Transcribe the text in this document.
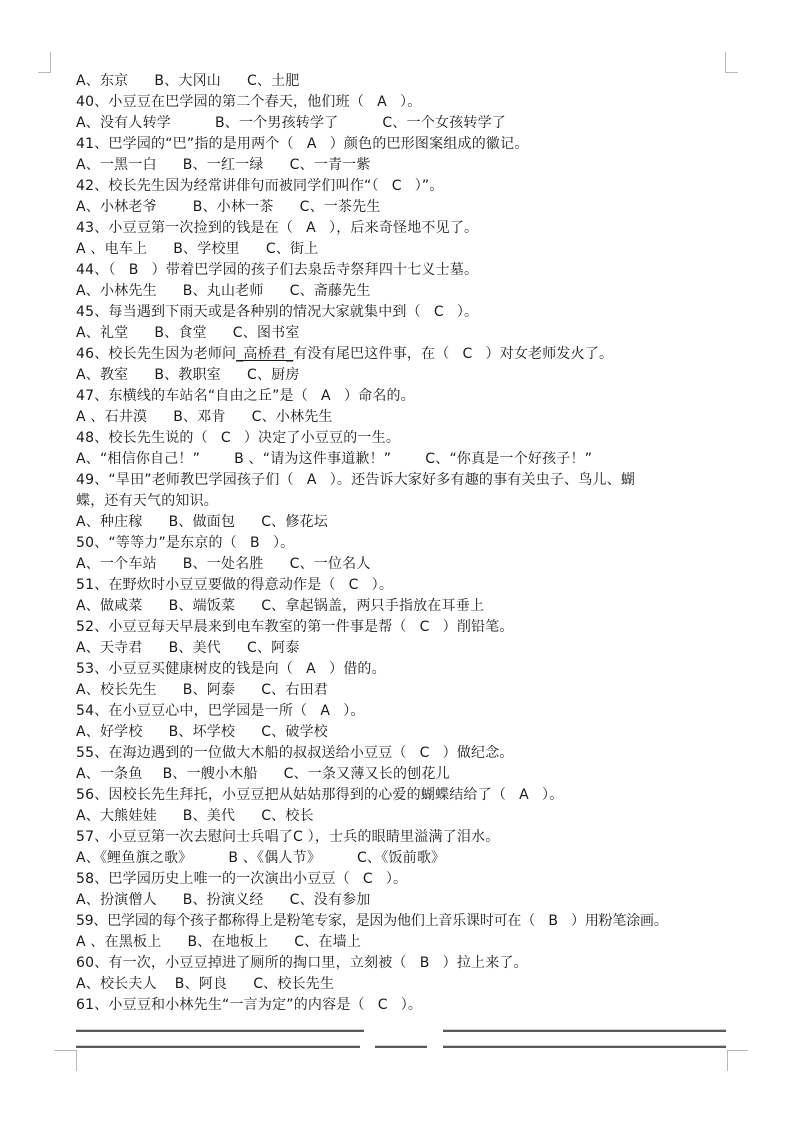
A、东京 B、大冈山 C、土肥
40、小豆豆在巴学园的第二个春天，他们班（ A ）。
A、没有人转学	B、一个男孩转学了	C、一个女孩转学了
41、巴学园的“巴”指的是用两个（ A ）颜色的巴形图案组成的徽记。
A、一黑一白 B、一红一绿 C、一青一紫
42、校长先生因为经常讲俳句而被同学们叫作“（ C ）”。
A、小林老爷	B、小林一茶 C、一茶先生
43、小豆豆第一次捡到的钱是在（ A ），后来奇怪地不见了。
A 、电车上 B、学校里 C、街上
44、（ B ）带着巴学园的孩子们去泉岳寺祭拜四十七义士墓。
A、小林先生 B、丸山老师 C、斋藤先生
45、每当遇到下雨天或是各种别的情况大家就集中到（ C ）。
A、礼堂 B、食堂 C、图书室
46、校长先生因为老师问_高桥君_有没有尾巴这件事，在（ C ）对女老师发火了。
A、教室 B、教职室 C、厨房
47、东横线的车站名“自由之丘”是（ A ）命名的。
A 、石井漠 B、邓肯 C、小林先生
48、校长先生说的（ C ）决定了小豆豆的一生。
A、“相信你自己！” B 、“请为这件事道歉！” C、“你真是一个好孩子！”
49、“旱田”老师教巴学园孩子们（ A ）。还告诉大家好多有趣的事有关虫子、鸟儿、蝴
蝶，还有天气的知识。
A、种庄稼 B、做面包 C、修花坛
50、“等等力”是东京的（ B ）。
A、一个车站 B、一处名胜 C、一位名人
51、在野炊时小豆豆要做的得意动作是（ C ）。
A、做咸菜 B、端饭菜 C、拿起锅盖，两只手指放在耳垂上
52、小豆豆每天早晨来到电车教室的第一件事是帮（ C ）削铅笔。
A、天寺君 B、美代 C、阿泰
53、小豆豆买健康树皮的钱是向（ A ）借的。
A、校长先生 B、阿泰 C、右田君
54、在小豆豆心中，巴学园是一所（ A ）。
A、好学校 B、坏学校 C、破学校
55、在海边遇到的一位做大木船的叔叔送给小豆豆（ C ）做纪念。
A、一条鱼 B、一艘小木船 C、一条又薄又长的刨花儿
56、因校长先生拜托，小豆豆把从姑姑那得到的心爱的蝴蝶结给了（ A ）。
A、大熊娃娃 B、美代 C、校长
57、小豆豆第一次去慰问士兵唱了C ），士兵的眼睛里溢满了泪水。
A、《鲤鱼旗之歌》	B 、《偶人节》	C、《饭前歌》
58、巴学园历史上唯一的一次演出小豆豆（ C ）。
A、扮演僧人 B、扮演义经 C、没有参加
59、巴学园的每个孩子都称得上是粉笔专家，是因为他们上音乐课时可在（ B ）用粉笔涂画。
A 、在黑板上 B、在地板上 C、在墙上
60、有一次，小豆豆掉进了厕所的掏口里，立刻被（ B ）拉上来了。
A、校长夫人 B、阿良 C、校长先生
61、小豆豆和小林先生“一言为定”的内容是（ C ）。
